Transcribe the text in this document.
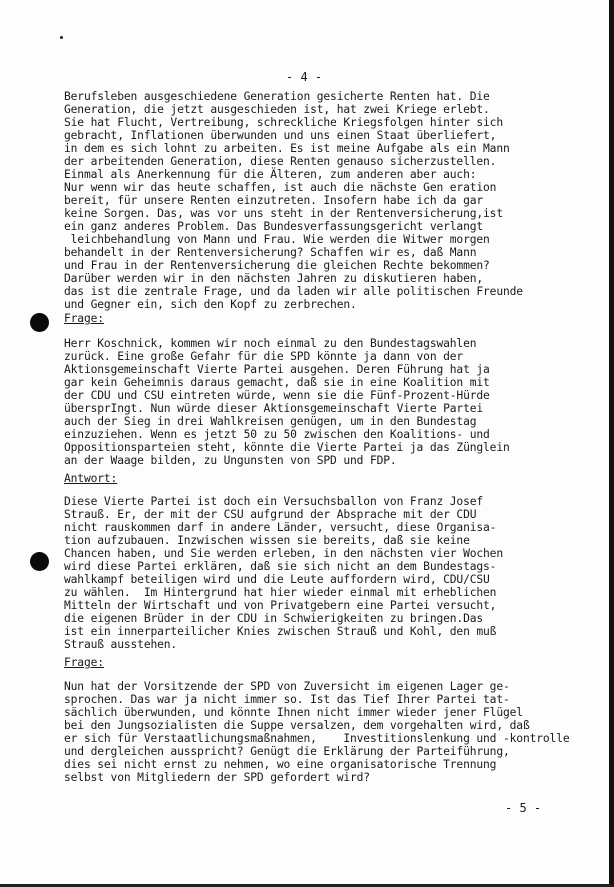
- 4 -
Berufsleben ausgeschiedene Generation gesicherte Renten hat. Die
Generation, die jetzt ausgeschieden ist, hat zwei Kriege erlebt.
Sie hat Flucht, Vertreibung, schreckliche Kriegsfolgen hinter sich
gebracht, Inflationen überwunden und uns einen Staat überliefert,
in dem es sich lohnt zu arbeiten. Es ist meine Aufgabe als ein Mann
der arbeitenden Generation, diese Renten genauso sicherzustellen.
Einmal als Anerkennung für die Älteren, zum anderen aber auch:
Nur wenn wir das heute schaffen, ist auch die nächste Gen eration
bereit, für unsere Renten einzutreten. Insofern habe ich da gar
keine Sorgen. Das, was vor uns steht in der Rentenversicherung,ist
ein ganz anderes Problem. Das Bundesverfassungsgericht verlangt
leichbehandlung von Mann und Frau. Wie werden die Witwer morgen
behandelt in der Rentenversicherung? Schaffen wir es, daß Mann
und Frau in der Rentenversicherung die gleichen Rechte bekommen?
Darüber werden wir in den nächsten Jahren zu diskutieren haben,
das ist die zentrale Frage, und da laden wir alle politischen Freunde
und Gegner ein, sich den Kopf zu zerbrechen.
Frage:
Herr Koschnick, kommen wir noch einmal zu den Bundestagswahlen
zurück. Eine große Gefahr für die SPD könnte ja dann von der
Aktionsgemeinschaft Vierte Partei ausgehen. Deren Führung hat ja
gar kein Geheimnis daraus gemacht, daß sie in eine Koalition mit
der CDU und CSU eintreten würde, wenn sie die Fünf-Prozent-Hürde
übersprIngt. Nun würde dieser Aktionsgemeinschaft Vierte Partei
auch der Sieg in drei Wahlkreisen genügen, um in den Bundestag
einzuziehen. Wenn es jetzt 50 zu 50 zwischen den Koalitions- und
Oppositionsparteien steht, könnte die Vierte Partei ja das Zünglein
an der Waage bilden, zu Ungunsten von SPD und FDP.
Antwort:
Diese Vierte Partei ist doch ein Versuchsballon von Franz Josef
Strauß. Er, der mit der CSU aufgrund der Absprache mit der CDU
nicht rauskommen darf in andere Länder, versucht, diese Organisa-
tion aufzubauen. Inzwischen wissen sie bereits, daß sie keine
Chancen haben, und Sie werden erleben, in den nächsten vier Wochen
wird diese Partei erklären, daß sie sich nicht an dem Bundestags-
wahlkampf beteiligen wird und die Leute auffordern wird, CDU/CSU
zu wählen.  Im Hintergrund hat hier wieder einmal mit erheblichen
Mitteln der Wirtschaft und von Privatgebern eine Partei versucht,
die eigenen Brüder in der CDU in Schwierigkeiten zu bringen.Das
ist ein innerparteilicher Knies zwischen Strauß und Kohl, den muß
Strauß ausstehen.
Frage:
Nun hat der Vorsitzende der SPD von Zuversicht im eigenen Lager ge-
sprochen. Das war ja nicht immer so. Ist das Tief Ihrer Partei tat-
sächlich überwunden, und könnte Ihnen nicht immer wieder jener Flügel
bei den Jungsozialisten die Suppe versalzen, dem vorgehalten wird, daß
er sich für Verstaatlichungsmaßnahmen,    Investitionslenkung und -kontrolle
und dergleichen ausspricht? Genügt die Erklärung der Parteiführung,
dies sei nicht ernst zu nehmen, wo eine organisatorische Trennung
selbst von Mitgliedern der SPD gefordert wird?
- 5 -
